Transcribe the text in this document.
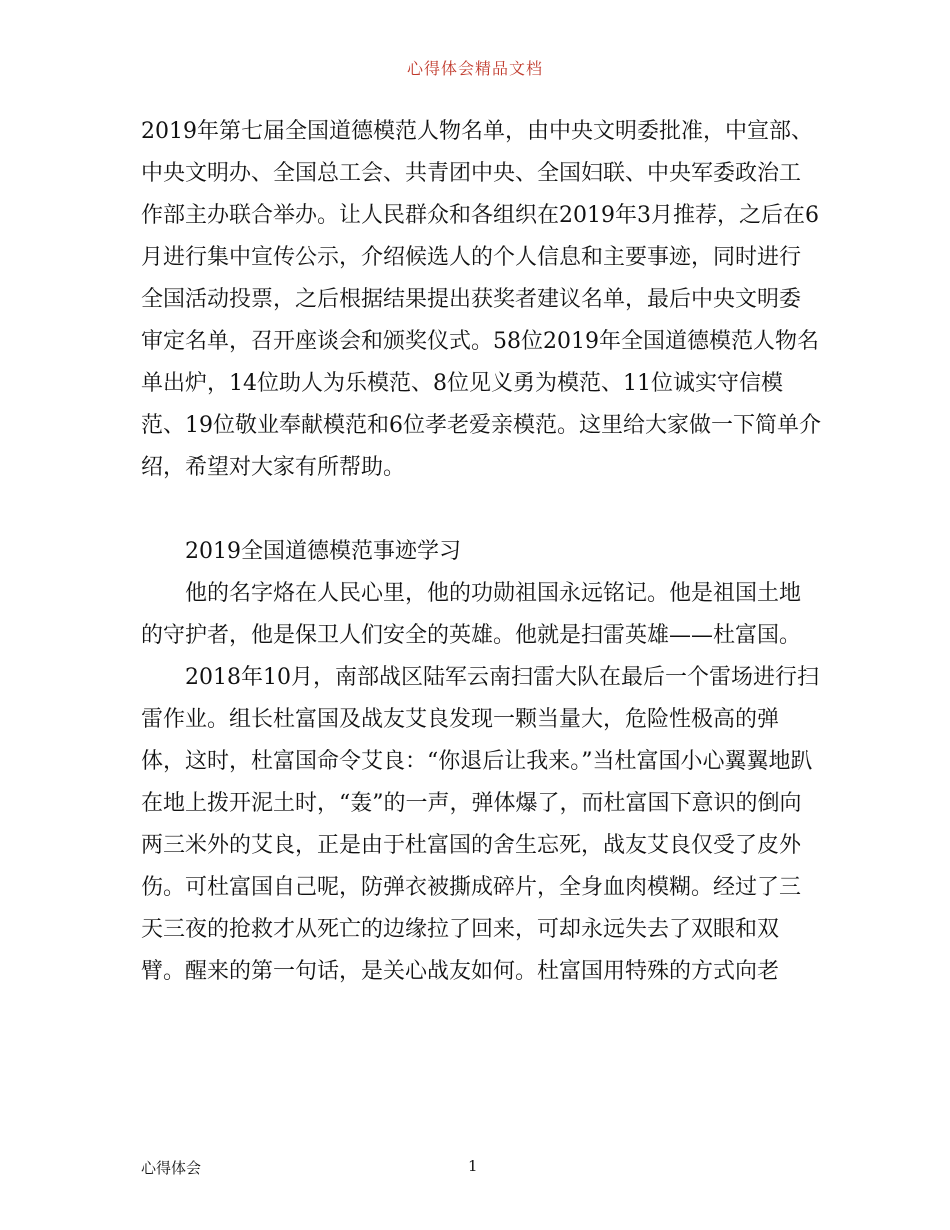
心得体会精品文档

2019年第七届全国道德模范人物名单，由中央文明委批准，中宣部、中央文明办、全国总工会、共青团中央、全国妇联、中央军委政治工作部主办联合举办。让人民群众和各组织在2019年3月推荐，之后在6月进行集中宣传公示，介绍候选人的个人信息和主要事迹，同时进行全国活动投票，之后根据结果提出获奖者建议名单，最后中央文明委审定名单，召开座谈会和颁奖仪式。58位2019年全国道德模范人物名单出炉，14位助人为乐模范、8位见义勇为模范、11位诚实守信模范、19位敬业奉献模范和6位孝老爱亲模范。这里给大家做一下简单介绍，希望对大家有所帮助。

2019全国道德模范事迹学习

他的名字烙在人民心里，他的功勋祖国永远铭记。他是祖国土地的守护者，他是保卫人们安全的英雄。他就是扫雷英雄——杜富国。

2018年10月，南部战区陆军云南扫雷大队在最后一个雷场进行扫雷作业。组长杜富国及战友艾良发现一颗当量大，危险性极高的弹体，这时，杜富国命令艾良：“你退后让我来。”当杜富国小心翼翼地趴在地上拨开泥土时，“轰”的一声，弹体爆了，而杜富国下意识的倒向两三米外的艾良，正是由于杜富国的舍生忘死，战友艾良仅受了皮外伤。可杜富国自己呢，防弹衣被撕成碎片，全身血肉模糊。经过了三天三夜的抢救才从死亡的边缘拉了回来，可却永远失去了双眼和双臂。醒来的第一句话，是关心战友如何。杜富国用特殊的方式向老

心得体会	1
